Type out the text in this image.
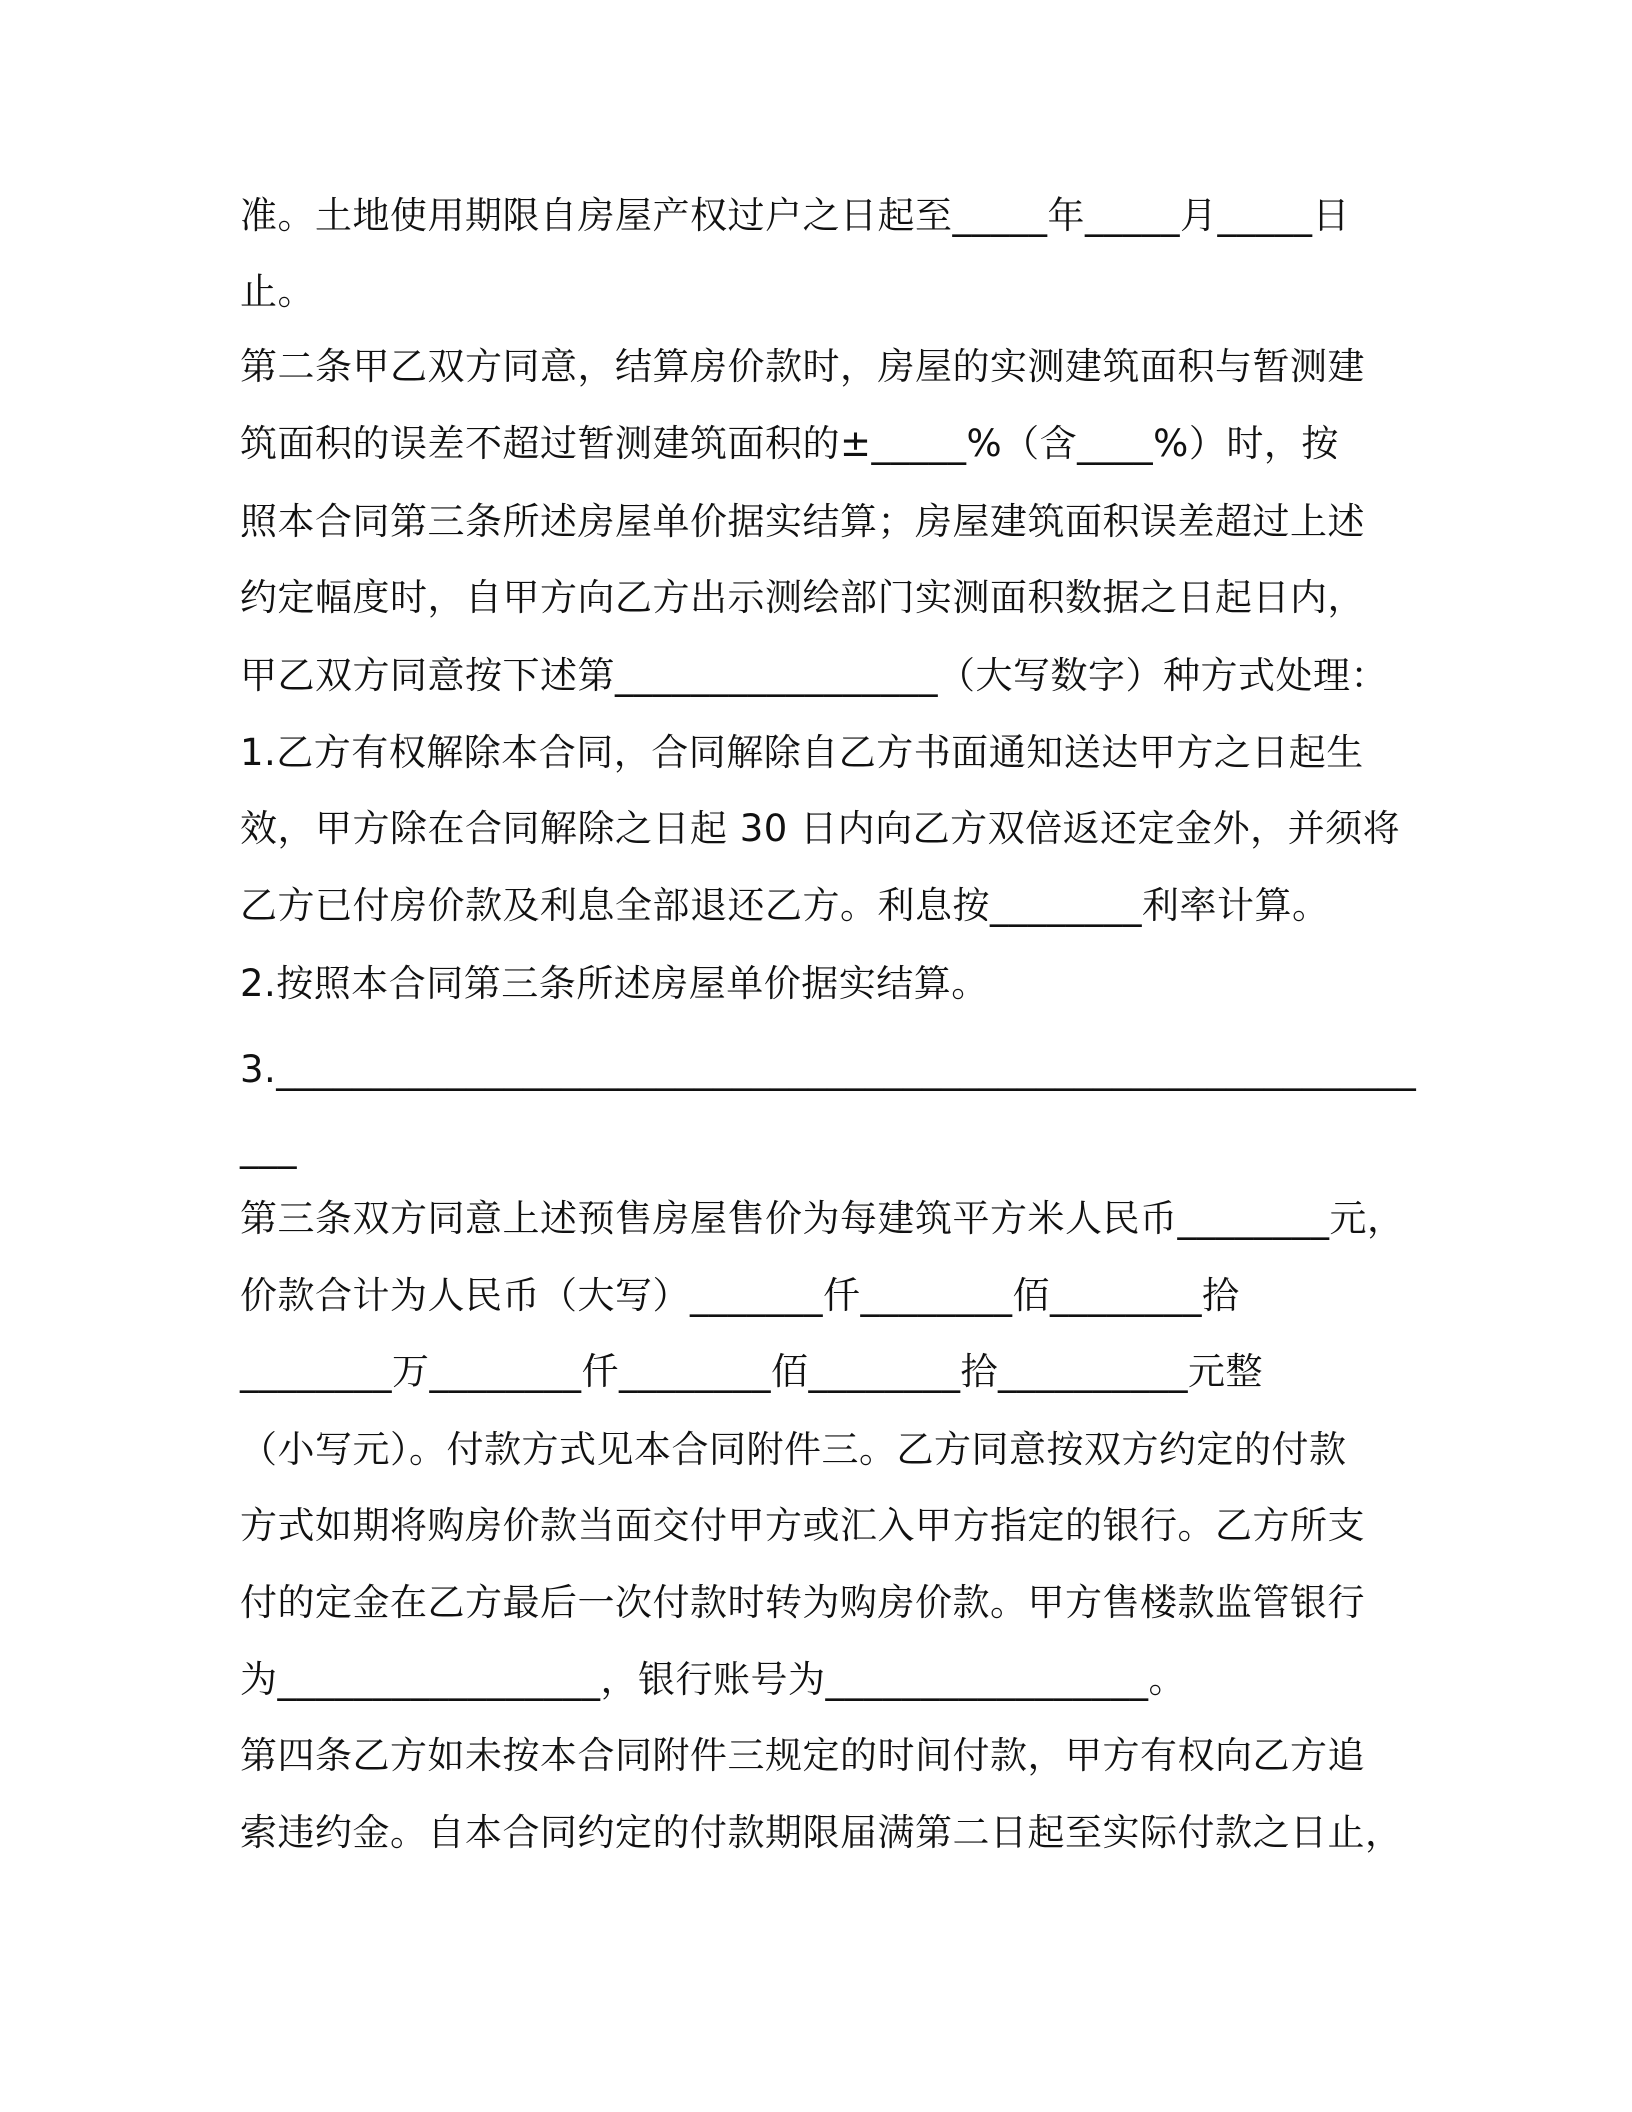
准。土地使用期限自房屋产权过户之日起至_____年_____月_____日

止。

第二条甲乙双方同意，结算房价款时，房屋的实测建筑面积与暂测建

筑面积的误差不超过暂测建筑面积的±_____%（含____%）时，按

照本合同第三条所述房屋单价据实结算；房屋建筑面积误差超过上述

约定幅度时，自甲方向乙方出示测绘部门实测面积数据之日起日内，

甲乙双方同意按下述第_________________（大写数字）种方式处理：

1.乙方有权解除本合同，合同解除自乙方书面通知送达甲方之日起生

效，甲方除在合同解除之日起 30 日内向乙方双倍返还定金外，并须将

乙方已付房价款及利息全部退还乙方。利息按________利率计算。

2.按照本合同第三条所述房屋单价据实结算。

3.____________________________________________________________

___

第三条双方同意上述预售房屋售价为每建筑平方米人民币________元，

价款合计为人民币（大写）_______仟________佰________拾

________万________仟________佰________拾__________元整

（小写元）。付款方式见本合同附件三。乙方同意按双方约定的付款

方式如期将购房价款当面交付甲方或汇入甲方指定的银行。乙方所支

付的定金在乙方最后一次付款时转为购房价款。甲方售楼款监管银行

为_________________，银行账号为_________________。

第四条乙方如未按本合同附件三规定的时间付款，甲方有权向乙方追

索违约金。自本合同约定的付款期限届满第二日起至实际付款之日止，
